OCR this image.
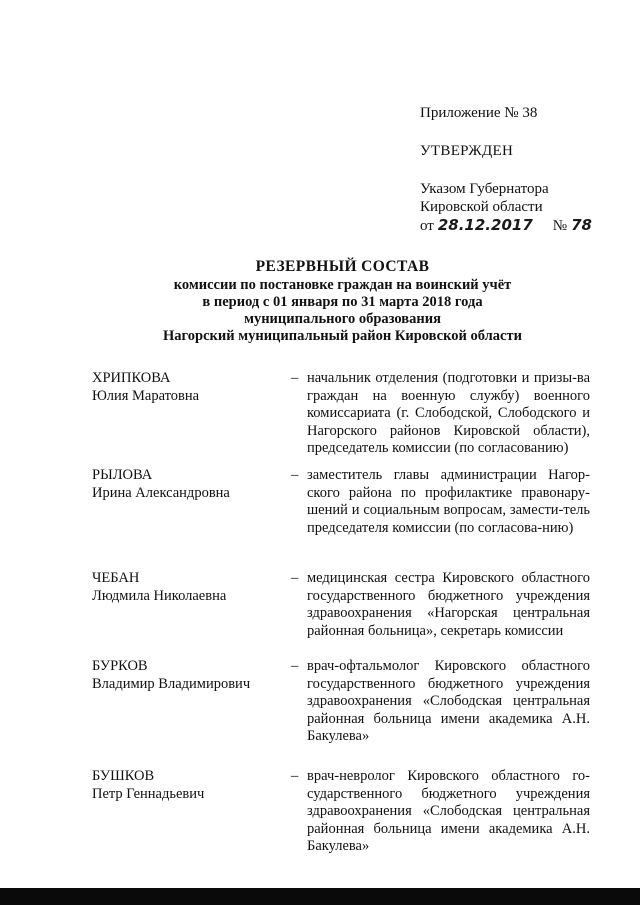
Приложение № 38
УТВЕРЖДЕН
Указом Губернатора
Кировской области
от 28.12.2017 № 78
РЕЗЕРВНЫЙ СОСТАВ
комиссии по постановке граждан на воинский учёт
в период с 01 января по 31 марта 2018 года
муниципального образования
Нагорский муниципальный район Кировской области
ХРИПКОВА
Юлия Маратовна
– начальник отделения (подготовки и призы-ва граждан на военную службу) военного комиссариата (г. Слободской, Слободского и Нагорского районов Кировской области), председатель комиссии (по согласованию)
РЫЛОВА
Ирина Александровна
– заместитель главы администрации Нагор-ского района по профилактике правонару-шений и социальным вопросам, замести-тель председателя комиссии (по согласова-нию)
ЧЕБАН
Людмила Николаевна
– медицинская сестра Кировского областного государственного бюджетного учреждения здравоохранения «Нагорская центральная районная больница», секретарь комиссии
БУРКОВ
Владимир Владимирович
– врач-офтальмолог Кировского областного государственного бюджетного учреждения здравоохранения «Слободская центральная районная больница имени академика А.Н. Бакулева»
БУШКОВ
Петр Геннадьевич
– врач-невролог Кировского областного го-сударственного бюджетного учреждения здравоохранения «Слободская центральная районная больница имени академика А.Н. Бакулева»
